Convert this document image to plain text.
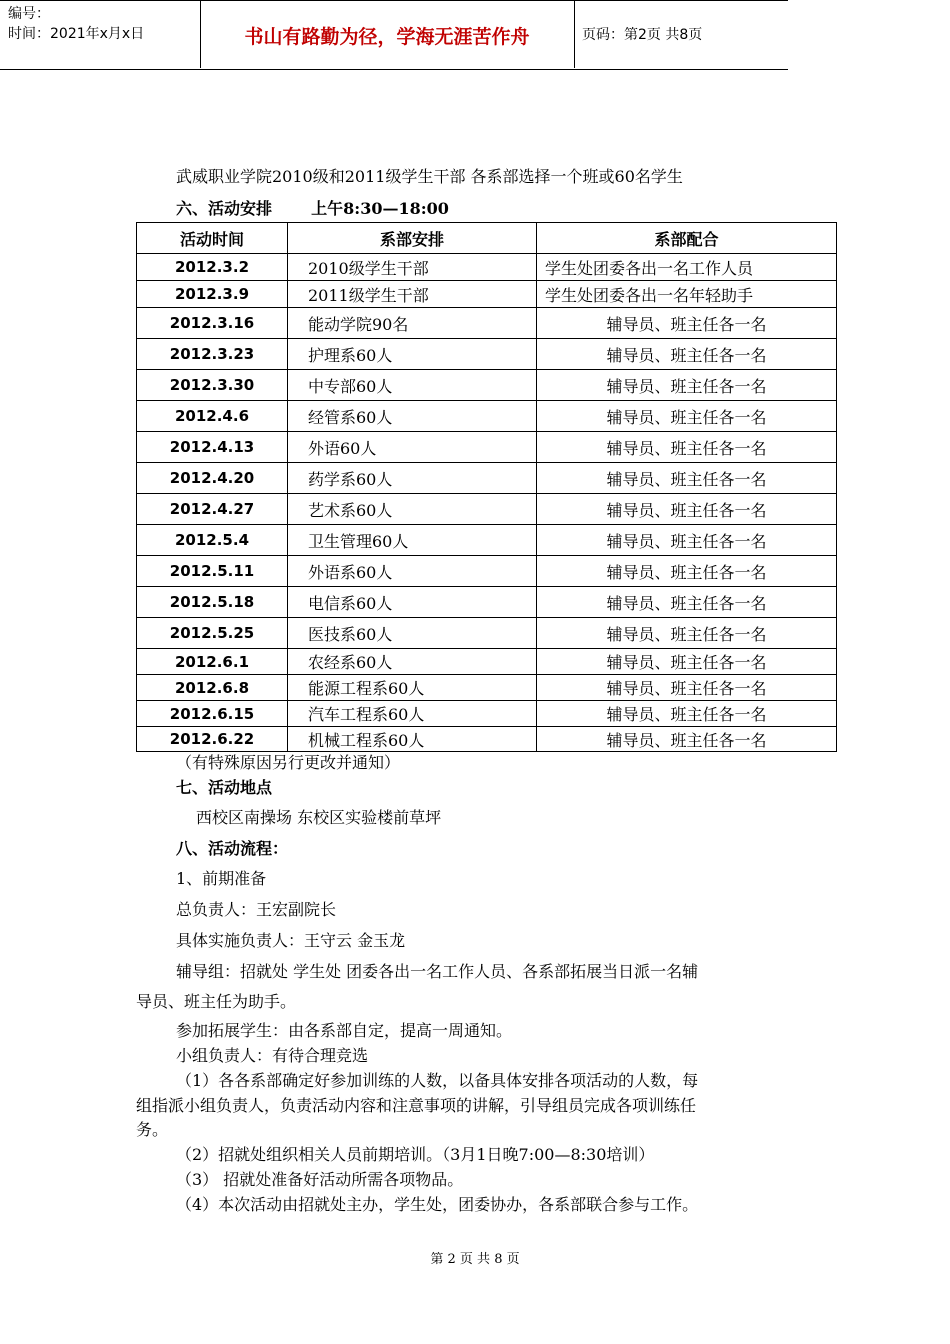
编号：
时间：2021年x月x日	书山有路勤为径，学海无涯苦作舟	页码：第2页 共8页
武威职业学院2010级和2011级学生干部 各系部选择一个班或60名学生
六、活动安排 上午8:30—18:00
活动时间	系部安排	系部配合
2012.3.2	2010级学生干部	学生处团委各出一名工作人员
2012.3.9	2011级学生干部	学生处团委各出一名年轻助手
2012.3.16	能动学院90名	辅导员、班主任各一名
2012.3.23	护理系60人	辅导员、班主任各一名
2012.3.30	中专部60人	辅导员、班主任各一名
2012.4.6	经管系60人	辅导员、班主任各一名
2012.4.13	外语60人	辅导员、班主任各一名
2012.4.20	药学系60人	辅导员、班主任各一名
2012.4.27	艺术系60人	辅导员、班主任各一名
2012.5.4	卫生管理60人	辅导员、班主任各一名
2012.5.11	外语系60人	辅导员、班主任各一名
2012.5.18	电信系60人	辅导员、班主任各一名
2012.5.25	医技系60人	辅导员、班主任各一名
2012.6.1	农经系60人	辅导员、班主任各一名
2012.6.8	能源工程系60人	辅导员、班主任各一名
2012.6.15	汽车工程系60人	辅导员、班主任各一名
2012.6.22	机械工程系60人	辅导员、班主任各一名
（有特殊原因另行更改并通知）
七、活动地点
西校区南操场 东校区实验楼前草坪
八、活动流程：
1、前期准备
总负责人：王宏副院长
具体实施负责人：王守云 金玉龙
辅导组：招就处 学生处 团委各出一名工作人员、各系部拓展当日派一名辅
导员、班主任为助手。
参加拓展学生：由各系部自定，提高一周通知。
小组负责人：有待合理竞选
（1）各各系部确定好参加训练的人数，以备具体安排各项活动的人数，每
组指派小组负责人，负责活动内容和注意事项的讲解，引导组员完成各项训练任
务。
（2）招就处组织相关人员前期培训。（3月1日晚7:00—8:30培训）
（3） 招就处准备好活动所需各项物品。
（4）本次活动由招就处主办，学生处，团委协办，各系部联合参与工作。
第 2 页 共 8 页
